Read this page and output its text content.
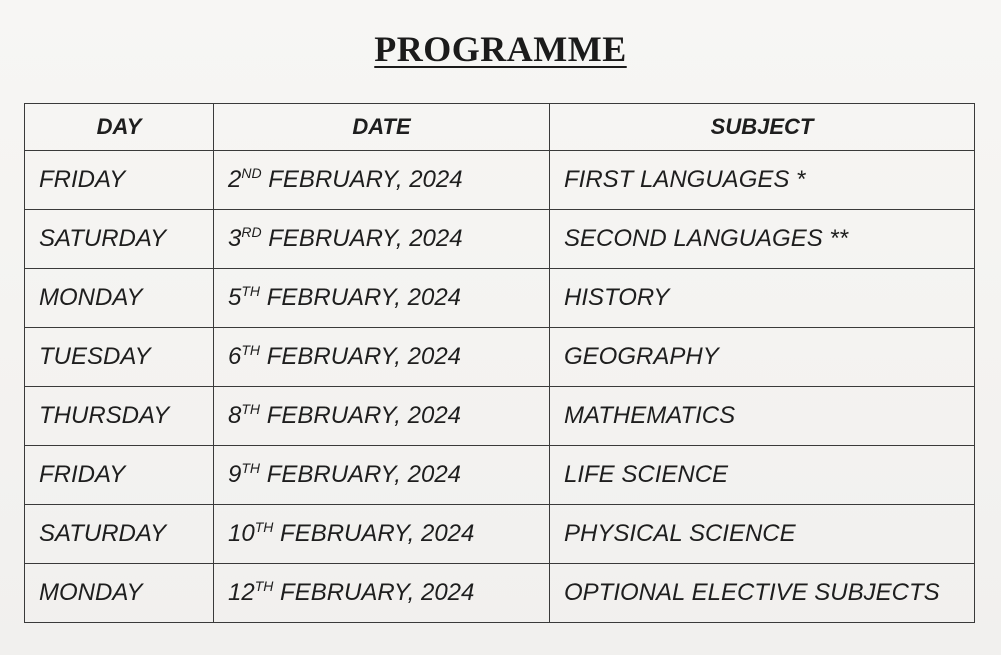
PROGRAMME
DAY	DATE	SUBJECT
FRIDAY	2ND FEBRUARY, 2024	FIRST LANGUAGES *
SATURDAY	3RD FEBRUARY, 2024	SECOND LANGUAGES **
MONDAY	5TH FEBRUARY, 2024	HISTORY
TUESDAY	6TH FEBRUARY, 2024	GEOGRAPHY
THURSDAY	8TH FEBRUARY, 2024	MATHEMATICS
FRIDAY	9TH FEBRUARY, 2024	LIFE SCIENCE
SATURDAY	10TH FEBRUARY, 2024	PHYSICAL SCIENCE
MONDAY	12TH FEBRUARY, 2024	OPTIONAL ELECTIVE SUBJECTS
